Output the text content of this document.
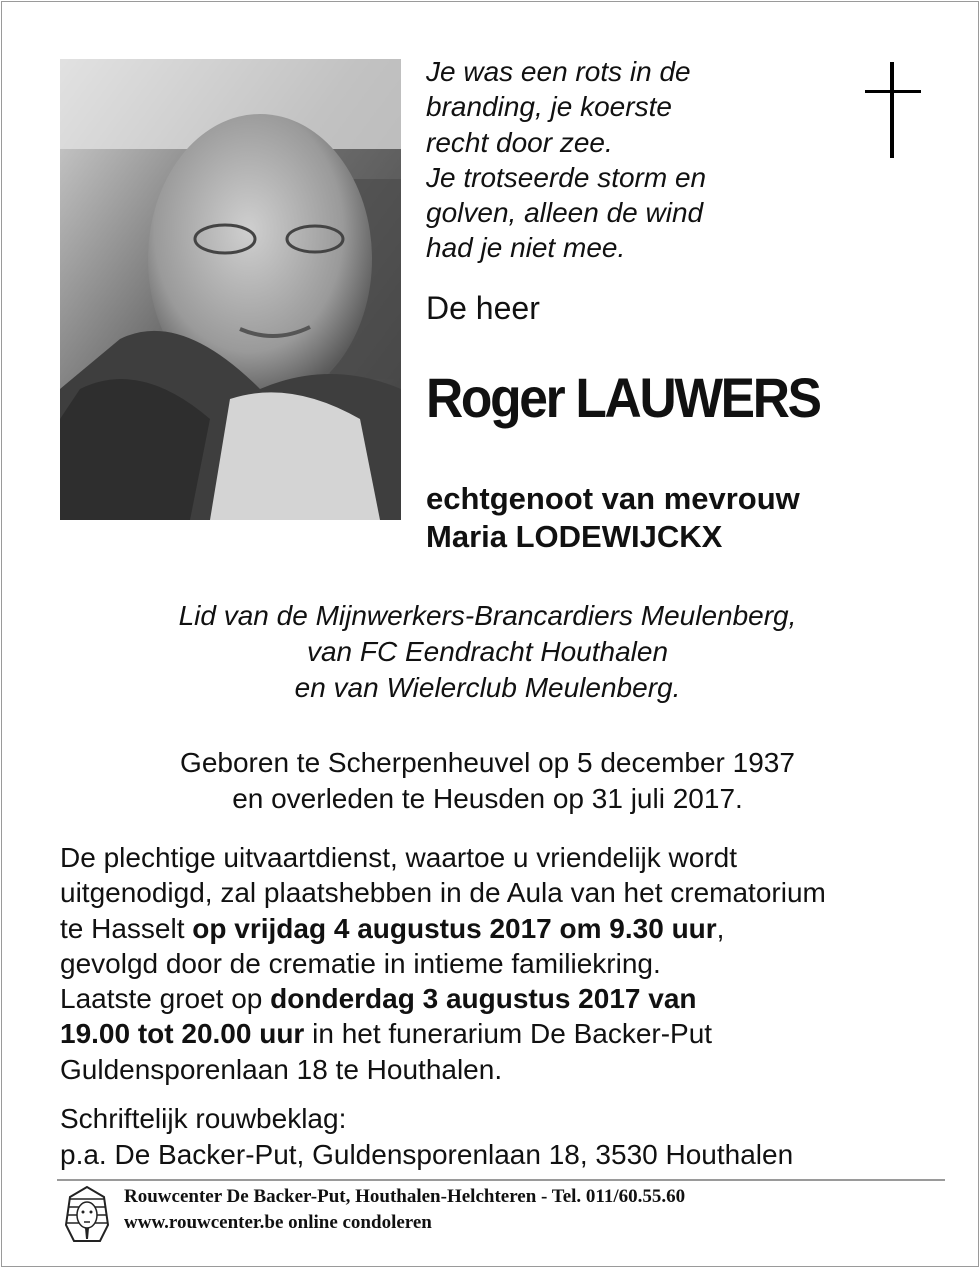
Je was een rots in de
branding, je koerste
recht door zee.
Je trotseerde storm en
golven, alleen de wind
had je niet mee.
De heer
Roger LAUWERS
echtgenoot van mevrouw
Maria LODEWIJCKX
Lid van de Mijnwerkers-Brancardiers Meulenberg,
van FC Eendracht Houthalen
en van Wielerclub Meulenberg.
Geboren te Scherpenheuvel op 5 december 1937
en overleden te Heusden op 31 juli 2017.
De plechtige uitvaartdienst, waartoe u vriendelijk wordt
uitgenodigd, zal plaatshebben in de Aula van het crematorium
te Hasselt op vrijdag 4 augustus 2017 om 9.30 uur,
gevolgd door de crematie in intieme familiekring.
Laatste groet op donderdag 3 augustus 2017 van
19.00 tot 20.00 uur in het funerarium De Backer-Put
Guldensporenlaan 18 te Houthalen.
Schriftelijk rouwbeklag:
p.a. De Backer-Put, Guldensporenlaan 18, 3530 Houthalen
Rouwcenter De Backer-Put, Houthalen-Helchteren - Tel. 011/60.55.60
www.rouwcenter.be online condoleren
